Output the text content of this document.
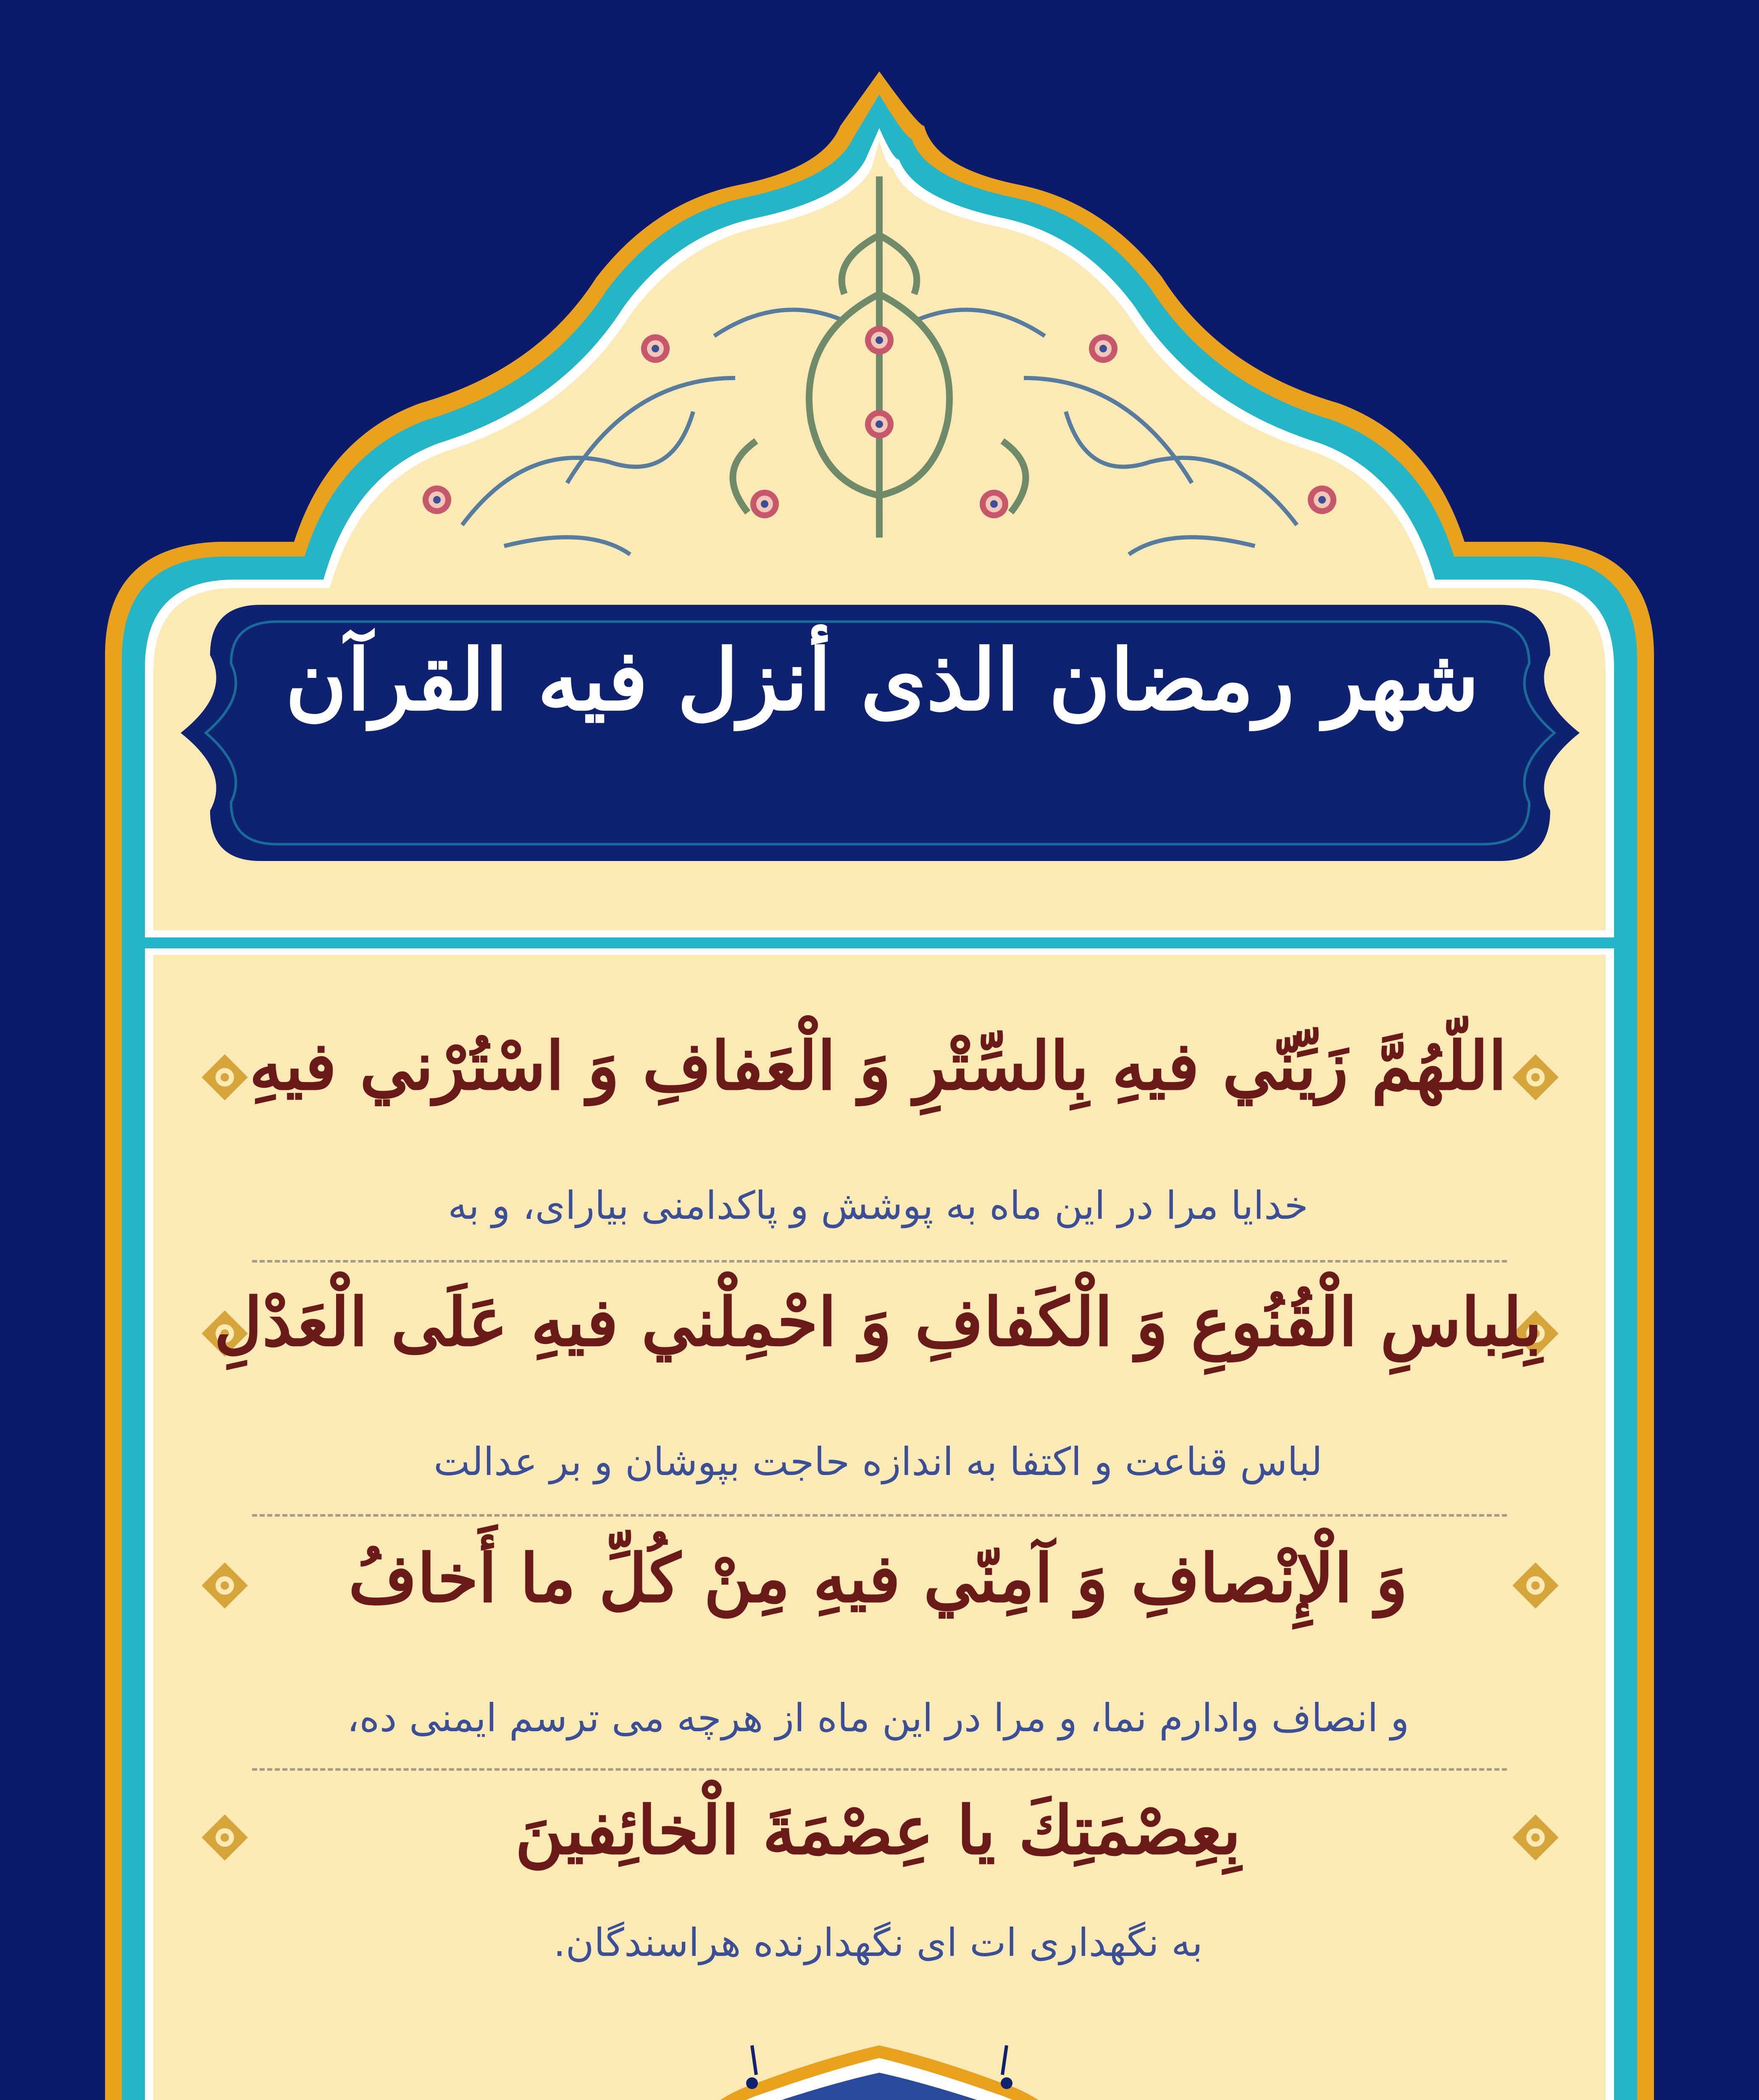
شهر رمضان الذی أنزل فیه القرآن
اللّهُمَّ زَيِّنّي فيهِ بِالسِّتْرِ وَ الْعَفافِ وَ اسْتُرْني فيهِ
خدایا مرا در این ماه به پوشش و پاکدامنی بیارای، و به
بِلِباسِ الْقُنُوعِ وَ الْكَفافِ وَ احْمِلْني فيهِ عَلَى الْعَدْلِ
لباس قناعت و اکتفا به اندازه حاجت بپوشان و بر عدالت
وَ الْإِنْصافِ وَ آمِنّي فيهِ مِنْ كُلِّ ما أَخافُ
و انصاف وادارم نما، و مرا در این ماه از هرچه می ترسم ایمنی ده،
بِعِصْمَتِكَ يا عِصْمَةَ الْخائِفينَ
به نگهداری ات ای نگهدارنده هراسندگان.
